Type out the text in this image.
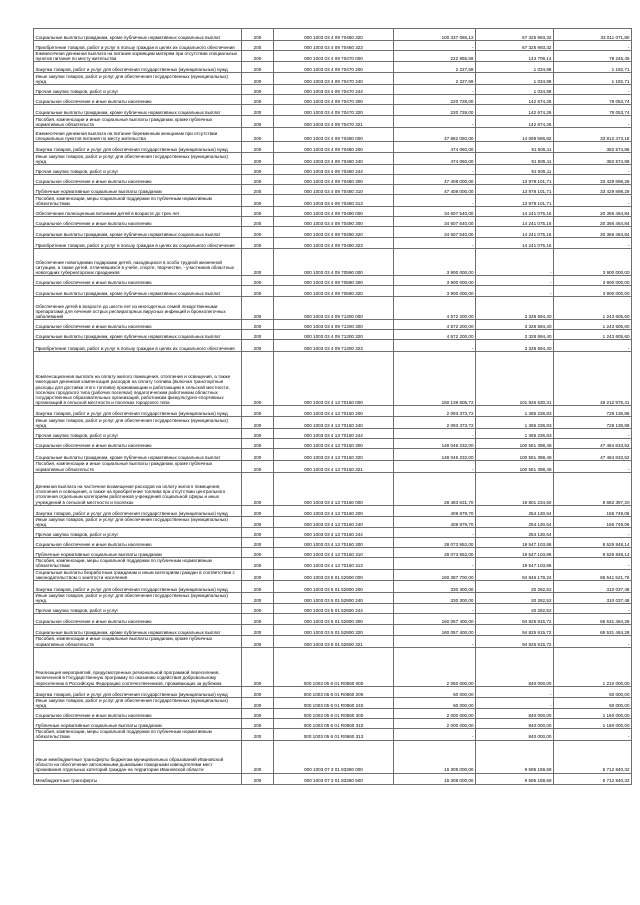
Социальные выплаты гражданам, кроме публичных нормативных социальных выплат	200	000 1003 03 4 09 70460 320	100 337 065,12	67 325 993,32	33 011 071,80
Приобретение товаров, работ и услуг в пользу граждан в целях их социального обеспечения	200	000 1003 03 4 09 70460 323	-	67 325 993,32	-
Ежемесячная денежная выплата на питание кормящим матерям при отсутствии специальных пунктов питания по месту жительства	200	000 1003 03 4 09 70470 000	222 955,59	143 709,14	79 246,45
Закупка товаров, работ и услуг для обеспечения государственных (муниципальных) нужд	200	000 1003 03 4 09 70470 200	2 227,69	1 034,88	1 192,71
Иные закупки товаров, работ и услуг для обеспечения государственных (муниципальных) нужд	200	000 1003 03 4 09 70470 240	2 227,69	1 034,88	1 192,71
Прочая закупка товаров, работ и услуг	200	000 1003 03 4 09 70470 244	-	1 034,88	-
Социальное обеспечение и иные выплаты населению	200	000 1003 03 4 09 70470 300	220 728,00	142 674,26	78 053,74
Социальные выплаты гражданам, кроме публичных нормативных социальных выплат	200	000 1003 03 4 09 70470 320	220 728,00	142 674,26	78 053,74
Пособия, компенсации и иные социальные выплаты гражданам, кроме публичных нормативных обязательств	200	000 1003 03 4 09 70470 321	-	142 674,26	-
Ежемесячная денежная выплата на питание беременным женщинам при отсутствии специальных пунктов питания по месту жительства	200	000 1003 03 4 09 70480 000	47 882 060,00	14 069 586,82	33 812 473,18
Закупка товаров, работ и услуг для обеспечения государственных (муниципальных) нужд	200	000 1003 03 4 09 70480 200	474 060,00	91 505,11	382 574,89
Иные закупки товаров, работ и услуг для обеспечения государственных (муниципальных) нужд	200	000 1003 03 4 09 70480 240	474 060,00	91 505,11	382 574,89
Прочая закупка товаров, работ и услуг	200	000 1003 03 4 09 70480 244	-	91 505,11	-
Социальное обеспечение и иные выплаты населению	200	000 1003 03 4 09 70480 300	47 408 000,00	13 978 101,71	33 429 898,29
Публичные нормативные социальные выплаты гражданам	200	000 1003 03 4 09 70480 310	47 408 000,00	13 978 101,71	33 429 898,29
Пособия, компенсации, меры социальной поддержки по публичным нормативным обязательствам	200	000 1003 03 4 09 70480 313	-	13 978 101,71	-
Обеспечение полноценным питанием детей в возрасте до трех лет	200	000 1003 03 4 09 70490 000	34 607 540,00	14 241 075,16	20 366 464,84
Социальное обеспечение и иные выплаты населению	200	000 1003 03 4 09 70490 300	34 607 540,00	14 241 075,16	20 366 464,84
Социальные выплаты гражданам, кроме публичных нормативных социальных выплат	200	000 1003 03 4 09 70490 320	34 607 540,00	14 241 075,16	20 366 464,84
Приобретение товаров, работ и услуг в пользу граждан в целях их социального обеспечения	200	000 1003 03 4 09 70490 323	-	14 241 075,16	-
Обеспечение новогодними подарками детей, находящихся в особо трудной жизненной ситуации, а также детей, отличившихся в учебе, спорте, творчестве, - участников областных новогодних губернаторских праздников	200	000 1003 03 4 09 70590 000	3 900 000,00	-	3 900 000,00
Социальное обеспечение и иные выплаты населению	200	000 1003 03 4 09 70590 300	3 900 000,00	-	3 900 000,00
Социальные выплаты гражданам, кроме публичных нормативных социальных выплат	200	000 1003 03 4 09 70590 320	3 900 000,00	-	3 900 000,00
Обеспечение детей в возрасте до шести лет из многодетных семей лекарственными препаратами для лечения острых респираторных вирусных инфекций и бронхолегочных заболеваний	200	000 1003 03 4 09 71300 000	4 572 200,00	3 328 594,40	1 243 605,60
Социальное обеспечение и иные выплаты населению	200	000 1003 03 4 09 71300 300	4 572 200,00	3 328 594,40	1 243 605,60
Социальные выплаты гражданам, кроме публичных нормативных социальных выплат	200	000 1003 03 4 09 71300 320	4 572 200,00	3 328 594,40	1 243 605,60
Приобретение товаров, работ и услуг в пользу граждан в целях их социального обеспечения	200	000 1003 03 4 09 71300 323	-	3 328 594,40	-
Компенсационная выплата на оплату жилого помещения, отопления и освещения, а также ежегодная денежная компенсация расходов на оплату топлива (включая транспортные расходы для доставки этого топлива) проживающим и работающим в сельской местности, поселках городского типа (рабочих поселках) педагогическим работникам областных государственных образовательных организаций, работникам физкультурно-спортивных организаций в сельской местности и поселках городского типа	200	000 1003 03 4 13 70150 000	150 139 605,72	101 926 630,31	48 212 975,41
Закупка товаров, работ и услуг для обеспечения государственных (муниципальных) нужд	200	000 1003 03 4 13 70150 200	2 093 373,72	1 365 236,83	728 136,89
Иные закупки товаров, работ и услуг для обеспечения государственных (муниципальных) нужд	200	000 1003 03 4 13 70150 240	2 093 373,72	1 365 236,83	728 136,89
Прочая закупка товаров, работ и услуг	200	000 1003 03 4 13 70150 244	-	1 365 236,83	-
Социальное обеспечение и иные выплаты населению	200	000 1003 03 4 13 70150 300	148 046 232,00	100 561 398,48	47 484 833,52
Социальные выплаты гражданам, кроме публичных нормативных социальных выплат	200	000 1003 03 4 13 70150 320	148 046 232,00	100 561 398,48	47 484 833,52
Пособия, компенсации и иные социальные выплаты гражданам, кроме публичных нормативных обязательств	200	000 1003 03 4 13 70150 321	-	100 561 398,48	-
Денежная выплата на частичное возмещение расходов на оплату жилого помещения, отопления и освещения, а также на приобретение топлива при отсутствии центрального отопления отдельным категориям работников учреждений социальной сферы и иных учреждений в сельской местности и поселках	200	000 1003 03 4 13 70160 000	28 483 631,70	19 801 234,50	8 682 397,20
Закупка товаров, работ и услуг для обеспечения государственных (муниципальных) нужд	200	000 1003 03 4 13 70160 200	409 879,70	254 130,64	155 749,06
Иные закупки товаров, работ и услуг для обеспечения государственных (муниципальных) нужд	200	000 1003 03 4 13 70160 240	409 879,70	254 130,64	155 749,06
Прочая закупка товаров, работ и услуг	200	000 1003 03 4 13 70160 244	-	254 130,64	-
Социальное обеспечение и иные выплаты населению	200	000 1003 03 4 13 70160 300	28 073 952,00	19 547 103,86	8 526 848,14
Публичные нормативные социальные выплаты гражданам	200	000 1003 03 4 13 70160 310	28 073 952,00	19 547 103,86	8 526 848,14
Пособия, компенсации, меры социальной поддержки по публичным нормативным обязательствам	200	000 1003 03 4 13 70160 313	-	19 547 103,86	-
Социальные выплаты безработным гражданам и иным категориям граждан в соответствии с законодательством о занятости населения	200	000 1003 03 5 01 52900 000	160 387 700,00	94 846 178,24	65 541 521,76
Закупка товаров, работ и услуг для обеспечения государственных (муниципальных) нужд	200	000 1003 03 5 01 52900 200	330 300,00	20 262,52	310 037,48
Иные закупки товаров, работ и услуг для обеспечения государственных (муниципальных) нужд	200	000 1003 03 5 01 52900 240	330 300,00	20 262,52	310 037,48
Прочая закупка товаров, работ и услуг	200	000 1003 03 5 01 52900 244	-	20 262,52	-
Социальное обеспечение и иные выплаты населению	200	000 1003 03 5 01 52900 300	160 057 400,00	94 825 915,72	65 531 484,28
Социальные выплаты гражданам, кроме публичных нормативных социальных выплат	200	000 1003 03 5 01 52900 320	160 057 400,00	94 825 915,72	65 531 484,28
Пособия, компенсации и иные социальные выплаты гражданам, кроме публичных нормативных обязательств	200	000 1003 03 5 01 52900 321	-	94 825 915,72	-
Реализация мероприятий, предусмотренных региональной программой переселения, включенной в Государственную программу по оказанию содействия добровольному переселению в Российскую Федерацию соотечественников, проживающих за рубежом	200	000 1003 05 6 01 R0860 000	2 050 000,00	840 000,00	1 210 000,00
Закупка товаров, работ и услуг для обеспечения государственных (муниципальных) нужд	200	000 1003 05 6 01 R0860 200	50 000,00	-	50 000,00
Иные закупки товаров, работ и услуг для обеспечения государственных (муниципальных) нужд	200	000 1003 05 6 01 R0860 240	50 000,00	-	50 000,00
Социальное обеспечение и иные выплаты населению	200	000 1003 05 6 01 R0860 300	2 000 000,00	840 000,00	1 160 000,00
Публичные нормативные социальные выплаты гражданам	200	000 1003 05 6 01 R0860 310	2 000 000,00	840 000,00	1 160 000,00
Пособия, компенсации, меры социальной поддержки по публичным нормативным обязательствам	200	000 1003 05 6 01 R0860 313	-	840 000,00	-
Иные межбюджетные трансферты бюджетам муниципальных образований Ивановской области на обеспечение автономными дымовыми пожарными извещателями мест проживания отдельных категорий граждан на территории Ивановской области	200	000 1003 07 3 01 83360 000	16 308 000,00	9 595 159,68	6 712 840,32
Межбюджетные трансферты	200	000 1003 07 3 01 83360 500	16 308 000,00	9 595 159,68	6 712 840,32
